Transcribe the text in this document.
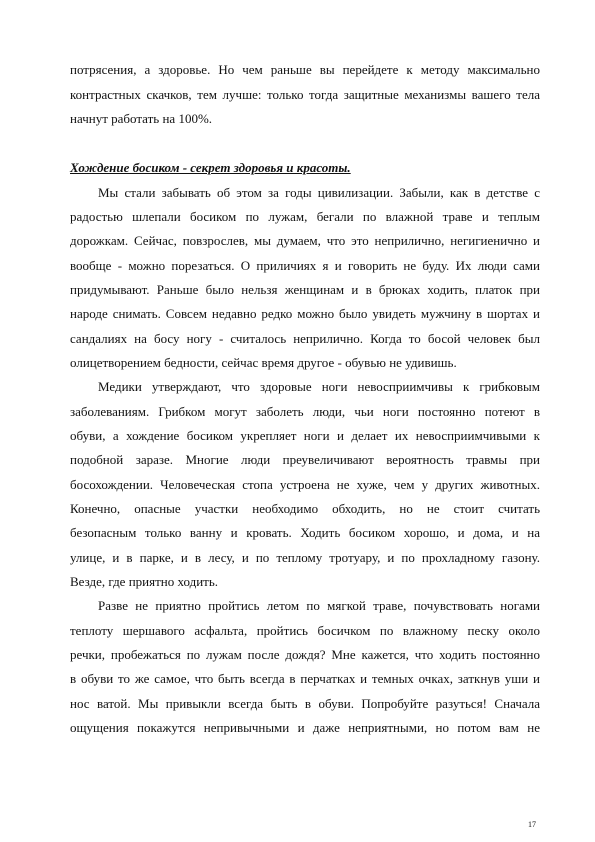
потрясения, а здоровье. Но чем раньше вы перейдете к методу максимально
контрастных скачков, тем лучше: только тогда защитные механизмы вашего тела
начнут работать на 100%.
Хождение босиком - секрет здоровья и красоты.
Мы стали забывать об этом за годы цивилизации. Забыли, как в детстве с
радостью шлепали босиком по лужам, бегали по влажной траве и теплым
дорожкам. Сейчас, повзрослев, мы думаем, что это неприлично, негигиенично и
вообще - можно порезаться. О приличиях я и говорить не буду. Их люди сами
придумывают. Раньше было нельзя женщинам и в брюках ходить, платок при
народе снимать. Совсем недавно редко можно было увидеть мужчину в шортах и
сандалиях на босу ногу - считалось неприлично. Когда то босой человек был
олицетворением бедности, сейчас время другое - обувью не удивишь.
Медики утверждают, что здоровые ноги невосприимчивы к грибковым
заболеваниям. Грибком могут заболеть люди, чьи ноги постоянно потеют в
обуви, а хождение босиком укрепляет ноги и делает их невосприимчивыми к
подобной заразе. Многие люди преувеличивают вероятность травмы при
босохождении. Человеческая стопа устроена не хуже, чем у других животных.
Конечно, опасные участки необходимо обходить, но не стоит считать
безопасным только ванну и кровать. Ходить босиком хорошо, и дома, и на
улице, и в парке, и в лесу, и по теплому тротуару, и по прохладному газону.
Везде, где приятно ходить.
Разве не приятно пройтись летом по мягкой траве, почувствовать ногами
теплоту шершавого асфальта, пройтись босичком по влажному песку около
речки, пробежаться по лужам после дождя? Мне кажется, что ходить постоянно
в обуви то же самое, что быть всегда в перчатках и темных очках, заткнув уши и
нос ватой. Мы привыкли всегда быть в обуви. Попробуйте разуться! Сначала
ощущения покажутся непривычными и даже неприятными, но потом вам не
17
